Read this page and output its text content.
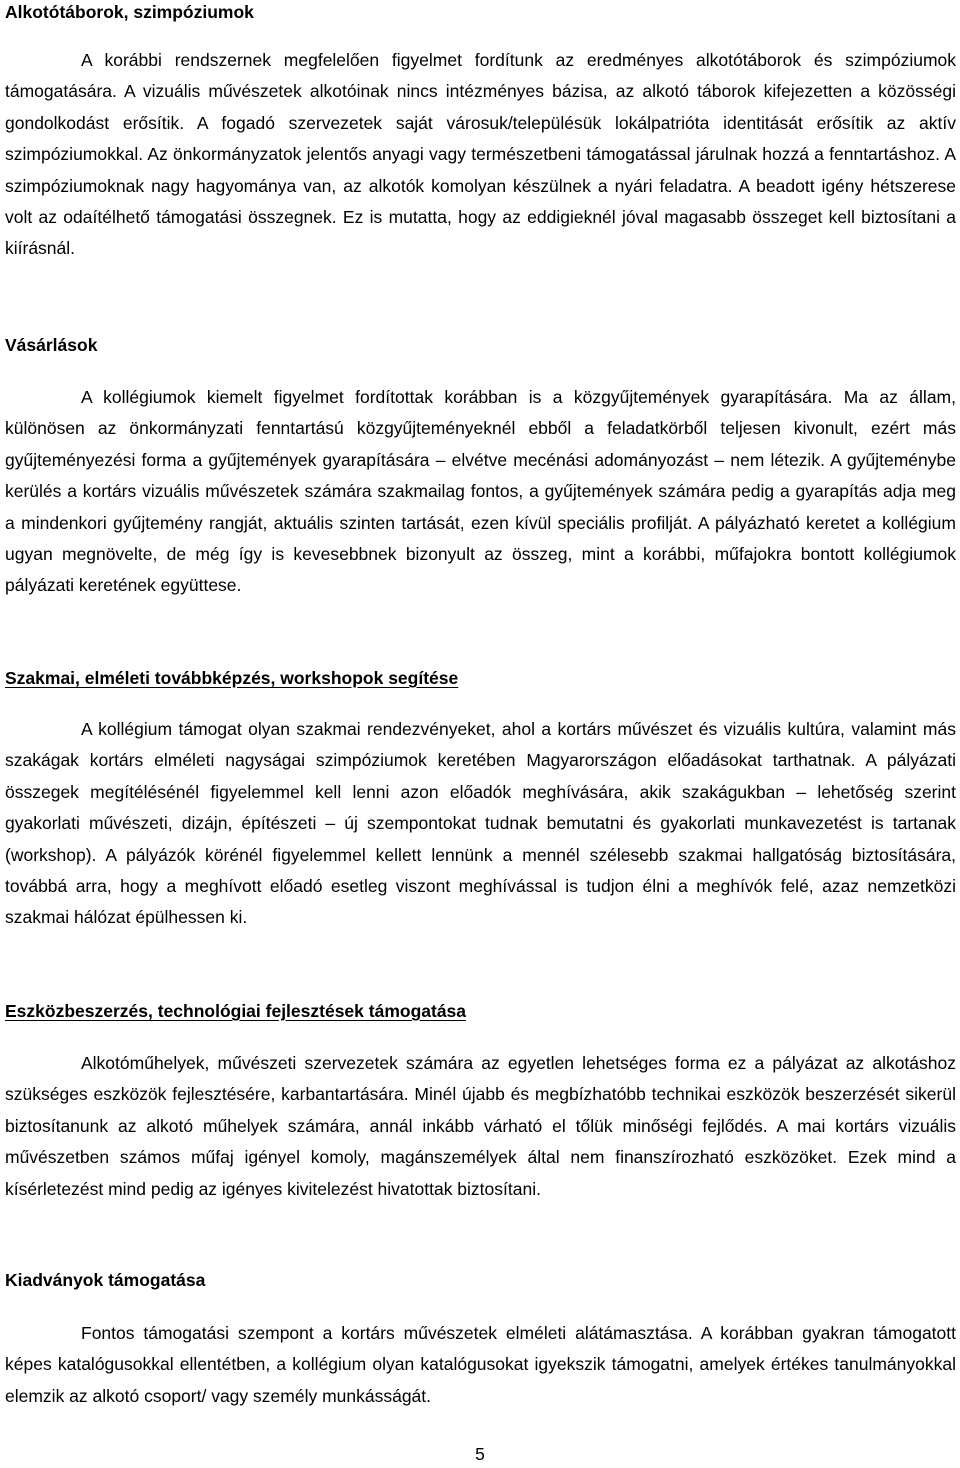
Alkotótáborok, szimpóziumok

A korábbi rendszernek megfelelően figyelmet fordítunk az eredményes alkotótáborok és szimpóziumok támogatására. A vizuális művészetek alkotóinak nincs intézményes bázisa, az alkotó táborok kifejezetten a közösségi gondolkodást erősítik. A fogadó szervezetek saját városuk/településük lokálpatrióta identitását erősítik az aktív szimpóziumokkal. Az önkormányzatok jelentős anyagi vagy természetbeni támogatással járulnak hozzá a fenntartáshoz. A szimpóziumoknak nagy hagyománya van, az alkotók komolyan készülnek a nyári feladatra. A beadott igény hétszerese volt az odaítélhető támogatási összegnek. Ez is mutatta, hogy az eddigieknél jóval magasabb összeget kell biztosítani a kiírásnál.

Vásárlások

A kollégiumok kiemelt figyelmet fordítottak korábban is a közgyűjtemények gyarapítására. Ma az állam, különösen az önkormányzati fenntartású közgyűjteményeknél ebből a feladatkörből teljesen kivonult, ezért más gyűjteményezési forma a gyűjtemények gyarapítására – elvétve mecénási adományozást – nem létezik. A gyűjteménybe kerülés a kortárs vizuális művészetek számára szakmailag fontos, a gyűjtemények számára pedig a gyarapítás adja meg a mindenkori gyűjtemény rangját, aktuális szinten tartását, ezen kívül speciális profilját. A pályázható keretet a kollégium ugyan megnövelte, de még így is kevesebbnek bizonyult az összeg, mint a korábbi, műfajokra bontott kollégiumok pályázati keretének együttese.

Szakmai, elméleti továbbképzés, workshopok segítése

A kollégium támogat olyan szakmai rendezvényeket, ahol a kortárs művészet és vizuális kultúra, valamint más szakágak kortárs elméleti nagyságai szimpóziumok keretében Magyarországon előadásokat tarthatnak. A pályázati összegek megítélésénél figyelemmel kell lenni azon előadók meghívására, akik szakágukban – lehetőség szerint gyakorlati művészeti, dizájn, építészeti – új szempontokat tudnak bemutatni és gyakorlati munkavezetést is tartanak (workshop). A pályázók körénél figyelemmel kellett lennünk a mennél szélesebb szakmai hallgatóság biztosítására, továbbá arra, hogy a meghívott előadó esetleg viszont meghívással is tudjon élni a meghívók felé, azaz nemzetközi szakmai hálózat épülhessen ki.

Eszközbeszerzés, technológiai fejlesztések támogatása

Alkotóműhelyek, művészeti szervezetek számára az egyetlen lehetséges forma ez a pályázat az alkotáshoz szükséges eszközök fejlesztésére, karbantartására. Minél újabb és megbízhatóbb technikai eszközök beszerzését sikerül biztosítanunk az alkotó műhelyek számára, annál inkább várható el tőlük minőségi fejlődés. A mai kortárs vizuális művészetben számos műfaj igényel komoly, magánszemélyek által nem finanszírozható eszközöket. Ezek mind a kísérletezést mind pedig az igényes kivitelezést hivatottak biztosítani.

Kiadványok támogatása

Fontos támogatási szempont a kortárs művészetek elméleti alátámasztása. A korábban gyakran támogatott képes katalógusokkal ellentétben, a kollégium olyan katalógusokat igyekszik támogatni, amelyek értékes tanulmányokkal elemzik az alkotó csoport/ vagy személy munkásságát.

5
